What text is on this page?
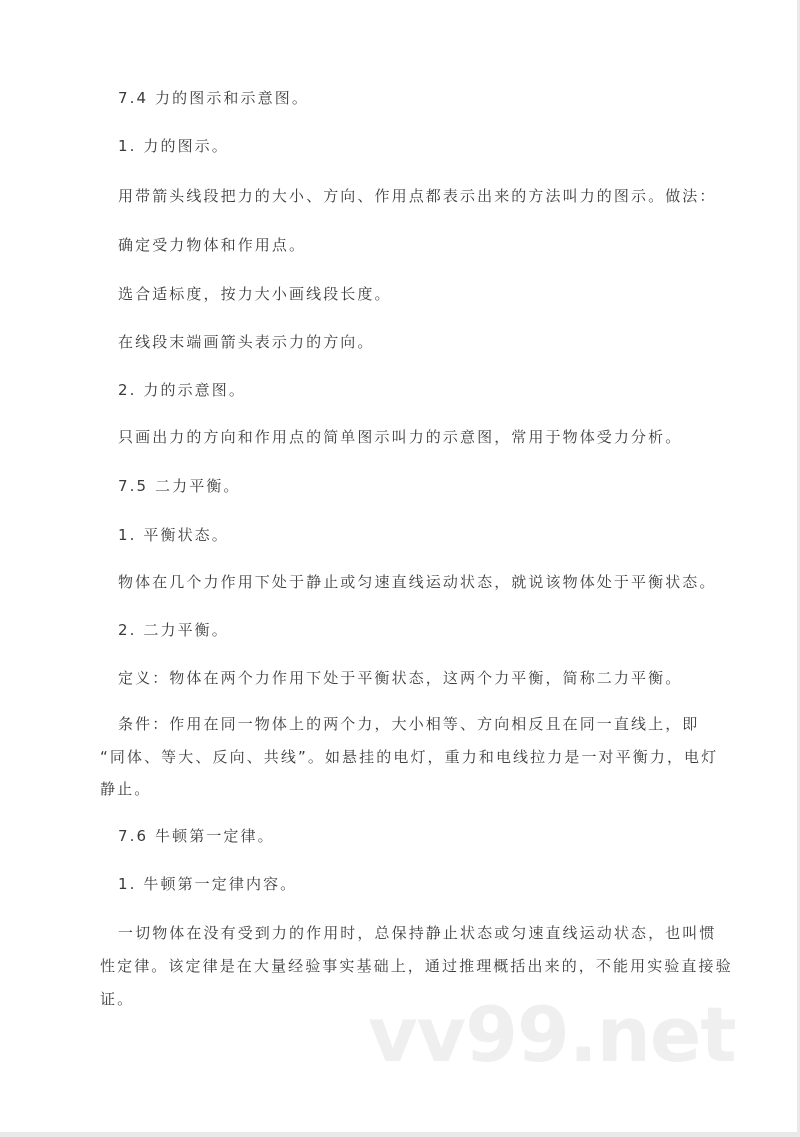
7.4 力的图示和示意图。
1. 力的图示。
用带箭头线段把力的大小、方向、作用点都表示出来的方法叫力的图示。做法：
确定受力物体和作用点。
选合适标度，按力大小画线段长度。
在线段末端画箭头表示力的方向。
2. 力的示意图。
只画出力的方向和作用点的简单图示叫力的示意图，常用于物体受力分析。
7.5 二力平衡。
1. 平衡状态。
物体在几个力作用下处于静止或匀速直线运动状态，就说该物体处于平衡状态。
2. 二力平衡。
定义：物体在两个力作用下处于平衡状态，这两个力平衡，简称二力平衡。
条件：作用在同一物体上的两个力，大小相等、方向相反且在同一直线上，即
“同体、等大、反向、共线”。如悬挂的电灯，重力和电线拉力是一对平衡力，电灯
静止。
7.6 牛顿第一定律。
1. 牛顿第一定律内容。
一切物体在没有受到力的作用时，总保持静止状态或匀速直线运动状态，也叫惯
性定律。该定律是在大量经验事实基础上，通过推理概括出来的，不能用实验直接验
证。	vv99.net
